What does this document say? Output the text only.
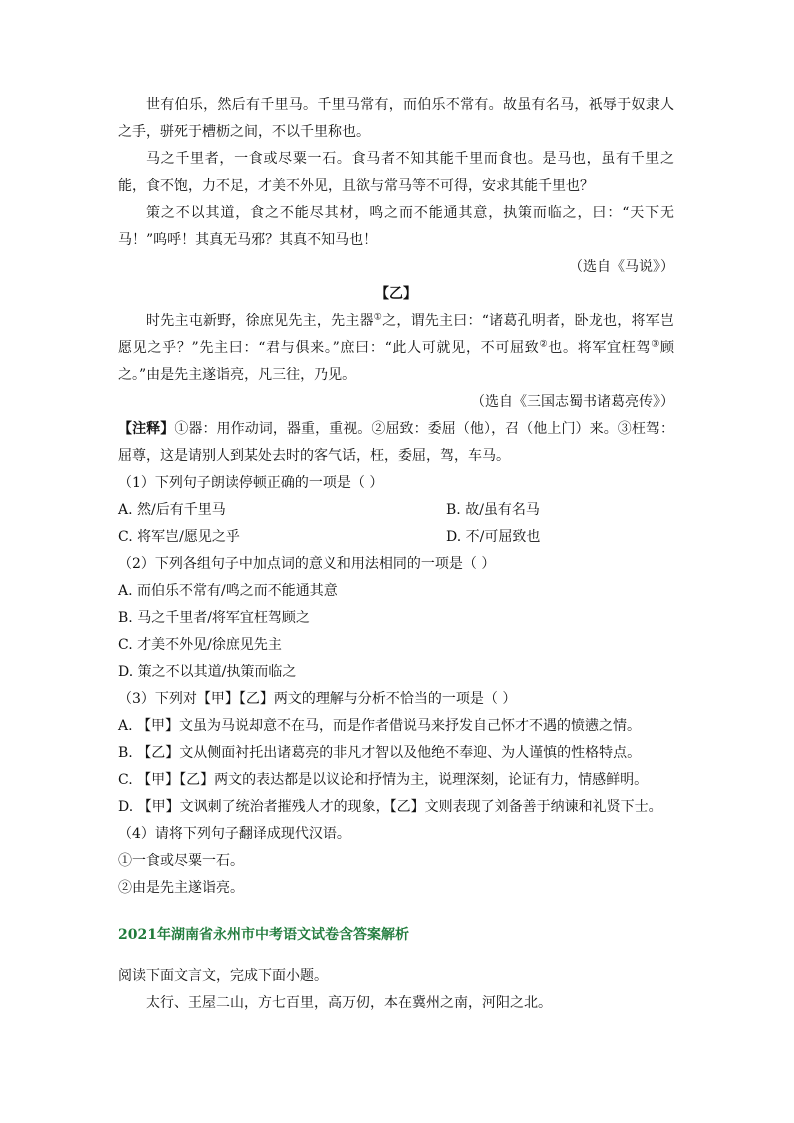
世有伯乐，然后有千里马。千里马常有，而伯乐不常有。故虽有名马，祇辱于奴隶人之手，骈死于槽枥之间，不以千里称也。

马之千里者，一食或尽粟一石。食马者不知其能千里而食也。是马也，虽有千里之能，食不饱，力不足，才美不外见，且欲与常马等不可得，安求其能千里也？

策之不以其道，食之不能尽其材，鸣之而不能通其意，执策而临之，曰：“天下无马！”呜呼！其真无马邪？其真不知马也！

（选自《马说》）

【乙】

时先主屯新野，徐庶见先主，先主器①之，谓先主曰：“诸葛孔明者，卧龙也，将军岂愿见之乎？”先主曰：“君与俱来。”庶曰：“此人可就见，不可屈致②也。将军宜枉驾③顾之。”由是先主遂诣亮，凡三往，乃见。

（选自《三国志蜀书诸葛亮传》）

【注释】①器：用作动词，器重，重视。②屈致：委屈（他），召（他上门）来。③枉驾：屈尊，这是请别人到某处去时的客气话，枉，委屈，驾，车马。

（1）下列句子朗读停顿正确的一项是（ ）

A. 然/后有千里马	B. 故/虽有名马
C. 将军岂/愿见之乎	D. 不/可屈致也

（2）下列各组句子中加点词的意义和用法相同的一项是（ ）

A. 而伯乐不常有/鸣之而不能通其意

B. 马之千里者/将军宜枉驾顾之

C. 才美不外见/徐庶见先主

D. 策之不以其道/执策而临之

（3）下列对【甲】【乙】两文的理解与分析不恰当的一项是（ ）

A. 【甲】文虽为马说却意不在马，而是作者借说马来抒发自己怀才不遇的愤懑之情。

B. 【乙】文从侧面衬托出诸葛亮的非凡才智以及他绝不奉迎、为人谨慎的性格特点。

C. 【甲】【乙】两文的表达都是以议论和抒情为主，说理深刻，论证有力，情感鲜明。

D. 【甲】文讽刺了统治者摧残人才的现象，【乙】文则表现了刘备善于纳谏和礼贤下士。

（4）请将下列句子翻译成现代汉语。

①一食或尽粟一石。

②由是先主遂诣亮。

2021年湖南省永州市中考语文试卷含答案解析

阅读下面文言文，完成下面小题。

太行、王屋二山，方七百里，高万仞，本在冀州之南，河阳之北。
